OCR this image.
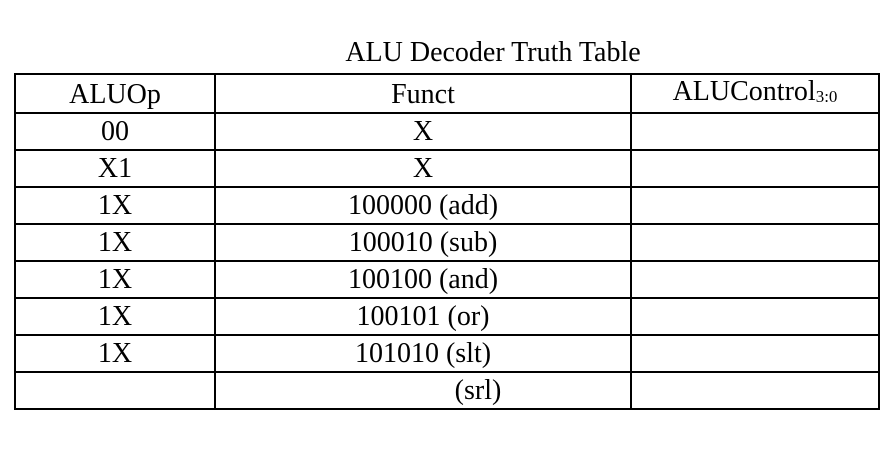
ALU Decoder Truth Table
ALUOp	Funct	ALUControl3:0
00	X	
X1	X	
1X	100000 (add)	
1X	100010 (sub)	
1X	100100 (and)	
1X	100101 (or)	
1X	101010 (slt)	
	(srl)	
